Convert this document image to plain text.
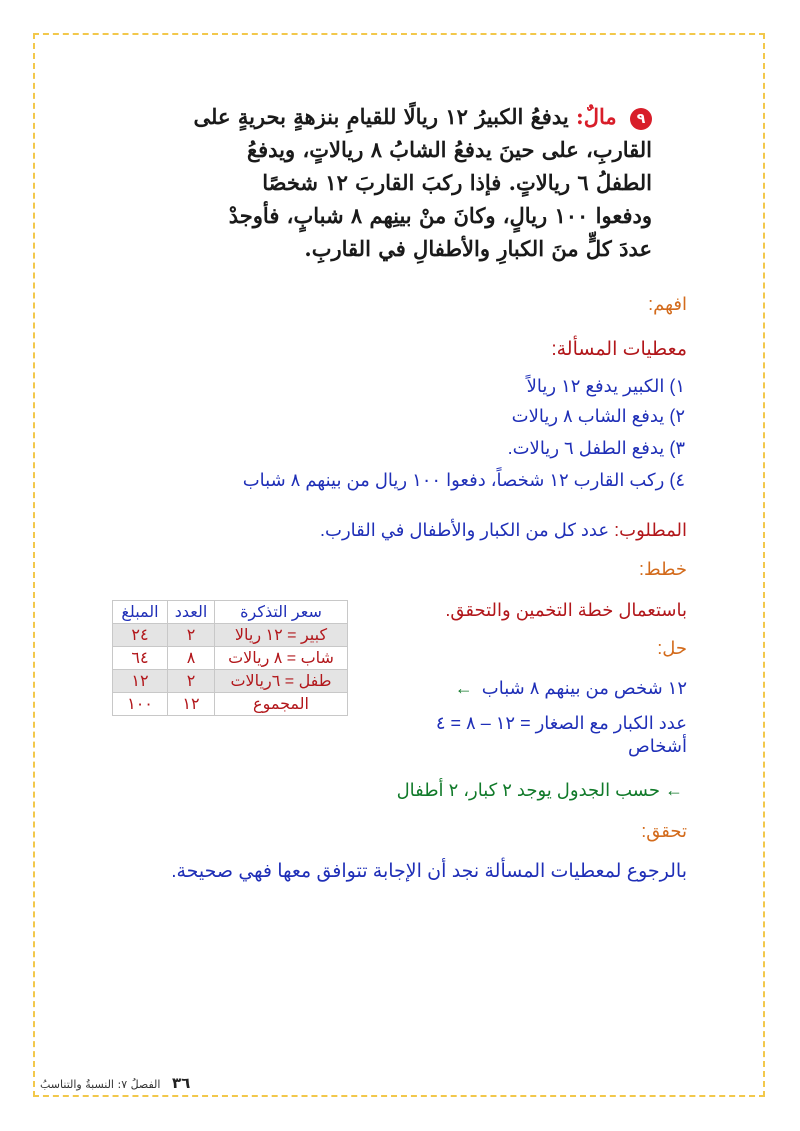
٩ مالٌ: يدفعُ الكبيرُ ١٢ ريالًا للقيامِ بنزهةٍ بحريةٍ على
القاربِ، على حينَ يدفعُ الشابُ ٨ ريالاتٍ، ويدفعُ
الطفلُ ٦ ريالاتٍ. فإذا ركبَ القاربَ ١٢ شخصًا
ودفعوا ١٠٠ ريالٍ، وكانَ منْ بينِهم ٨ شبابٍ، فأوجدْ
عددَ كلٍّ منَ الكبارِ والأطفالِ في القاربِ.
افهم:
معطيات المسألة:
١) الكبير يدفع ١٢ ريالاً
٢) يدفع الشاب ٨ ريالات
٣) يدفع الطفل ٦ ريالات.
٤) ركب القارب ١٢ شخصاً، دفعوا ١٠٠ ريال من بينهم ٨ شباب
المطلوب: عدد كل من الكبار والأطفال في القارب.
خطط:
باستعمال خطة التخمين والتحقق.
حل:
١٢ شخص من بينهم ٨ شباب ←
عدد الكبار مع الصغار = ١٢ – ٨ = ٤
أشخاص
← حسب الجدول يوجد ٢ كبار، ٢ أطفال
سعر التذكرة	العدد	المبلغ
كبير = ١٢ ريالا	٢	٢٤
شاب = ٨ ريالات	٨	٦٤
طفل = ٦ريالات	٢	١٢
المجموع	١٢	١٠٠
تحقق:
بالرجوع لمعطيات المسألة نجد أن الإجابة تتوافق معها فهي صحيحة.
٣٦ الفصلُ ٧: النسبةُ والتناسبُ
